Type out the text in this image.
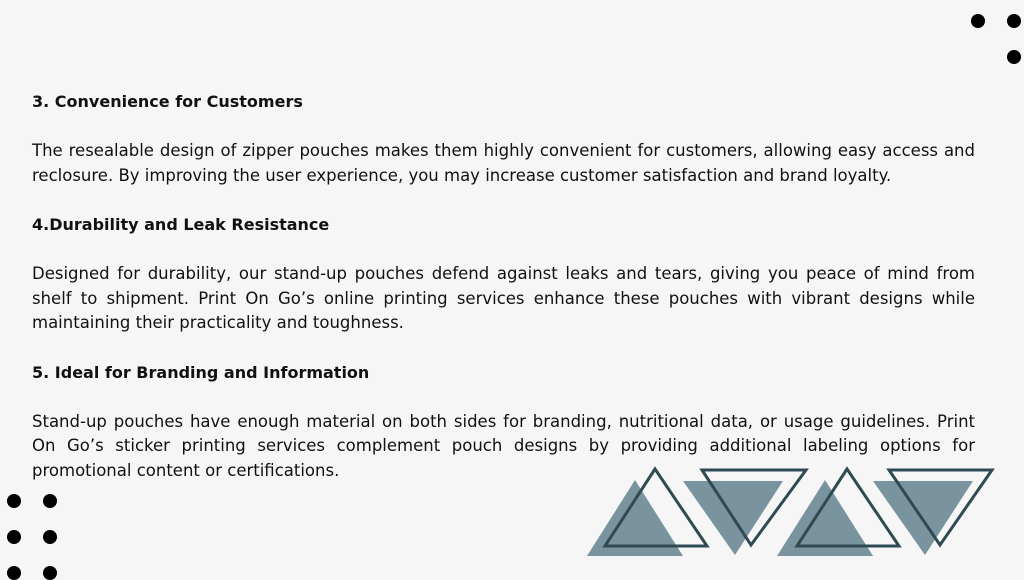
3. Convenience for Customers
The resealable design of zipper pouches makes them highly convenient for customers, allowing easy access and reclosure. By improving the user experience, you may increase customer satisfaction and brand loyalty.
4.Durability and Leak Resistance
Designed for durability, our stand-up pouches defend against leaks and tears, giving you peace of mind from shelf to shipment. Print On Go’s online printing services enhance these pouches with vibrant designs while maintaining their practicality and toughness.
5. Ideal for Branding and Information
Stand-up pouches have enough material on both sides for branding, nutritional data, or usage guidelines. Print On Go’s sticker printing services complement pouch designs by providing additional labeling options for promotional content or certifications.
